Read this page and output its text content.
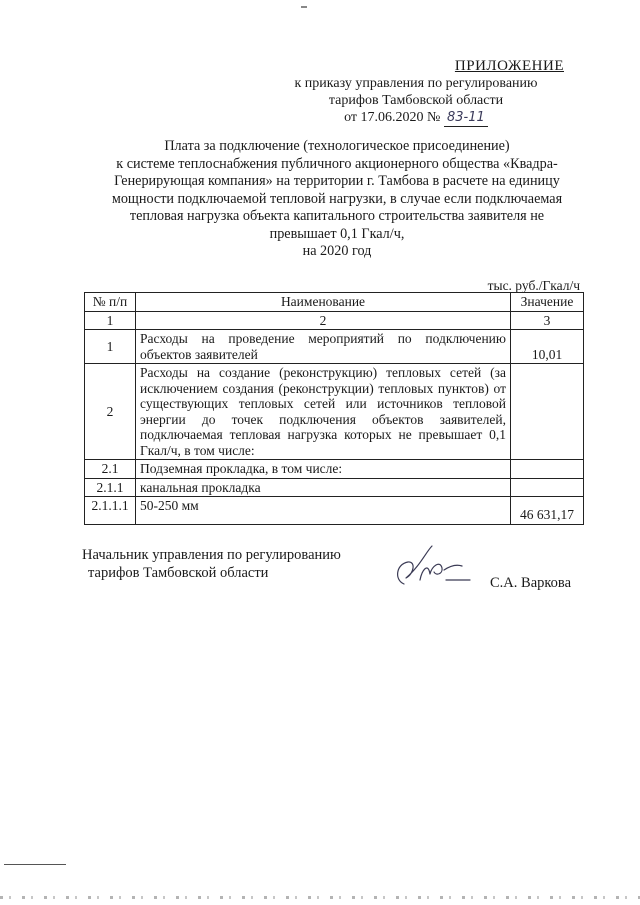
ПРИЛОЖЕНИЕ
к приказу управления по регулированию
тарифов Тамбовской области
от 17.06.2020 № 83-11
Плата за подключение (технологическое присоединение)
к системе теплоснабжения публичного акционерного общества «Квадра-
Генерирующая компания» на территории г. Тамбова в расчете на единицу
мощности подключаемой тепловой нагрузки, в случае если подключаемая
тепловая нагрузка объекта капитального строительства заявителя не
превышает 0,1 Гкал/ч,
на 2020 год
тыс. руб./Гкал/ч
№ п/п	Наименование	Значение
1	2	3
1	Расходы на проведение мероприятий по подключению объектов заявителей	10,01
2	Расходы на создание (реконструкцию) тепловых сетей (за исключением создания (реконструкции) тепловых пунктов) от существующих тепловых сетей или источников тепловой энергии до точек подключения объектов заявителей, подключаемая тепловая нагрузка которых не превышает 0,1 Гкал/ч, в том числе:	
2.1	Подземная прокладка, в том числе:	
2.1.1	канальная прокладка	
2.1.1.1	50-250 мм	46 631,17
Начальник управления по регулированию
тарифов Тамбовской области
С.А. Варкова
